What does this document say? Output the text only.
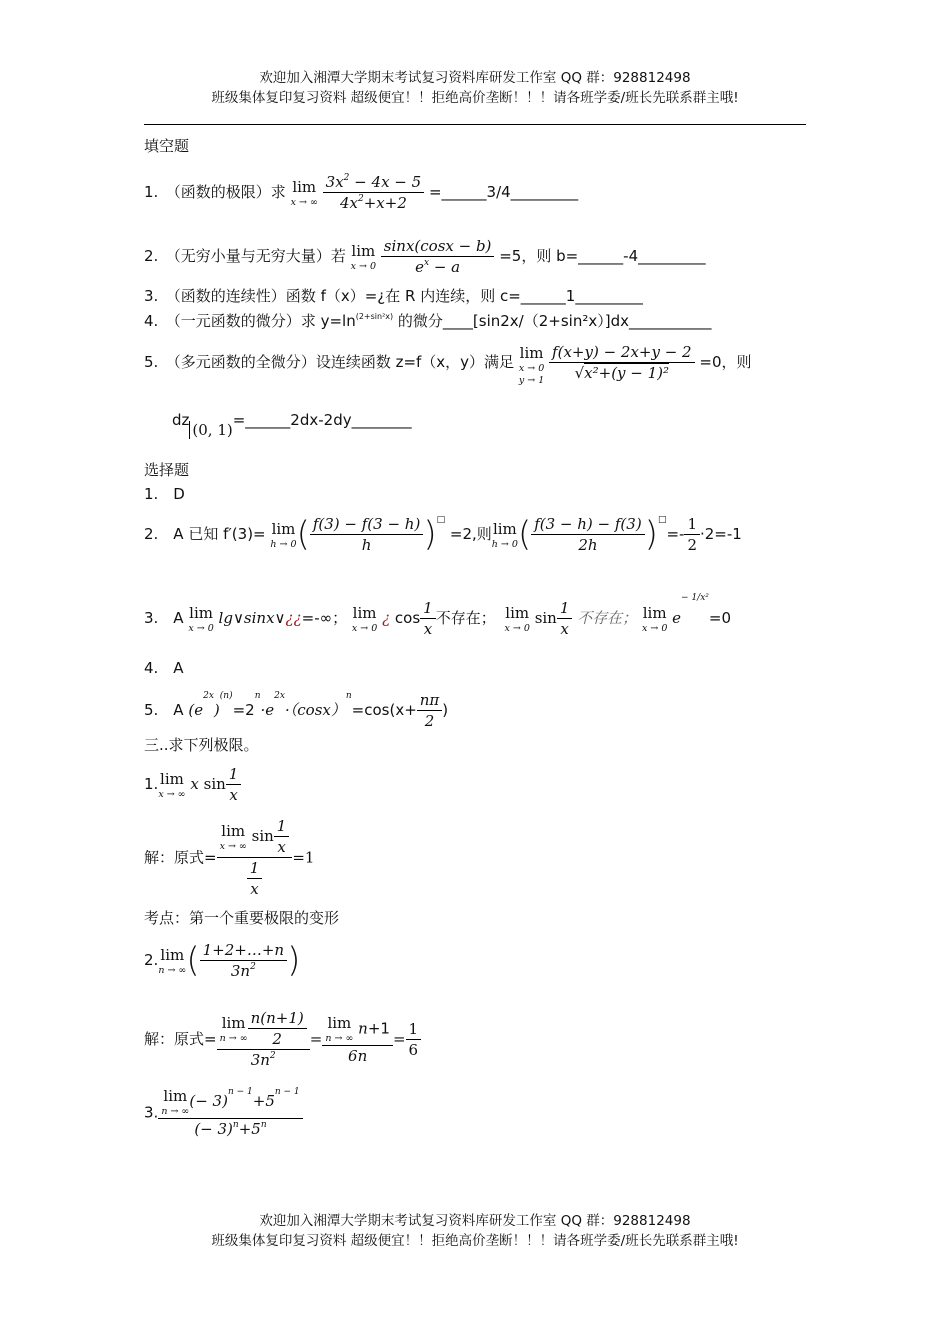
欢迎加入湘潭大学期末考试复习资料库研发工作室 QQ 群：928812498
班级集体复印复习资料 超级便宜！！拒绝高价垄断！！！请各班学委/班长先联系群主哦!
填空题
1.　（函数的极限）求 lim
x → ∞
$\frac{3x^2 - 4x - 5}{4x^2+x+2}$ =______3/4_________
2.　（无穷小量与无穷大量）若 lim
x → 0
$\frac{\sin x(\cos x - b)}{e^x - a} =5$，则 b=______-4_________
3.　（函数的连续性）函数 f（x）=¿在 R 内连续，则 c=______1_________
4.　（一元函数的微分）求 $y=\ln^{(2+sin^2x)}$ 的微分____[sin2x/（2+sin²x）]dx___________
5.　（多元函数的全微分）设连续函数 z=f（x，y）满足 lim
x → 0
y → 1
$\frac{f(x+y) - 2x+y - 2}{\text{√x²+(y − 1)²}} =0$，则
dz(0, 1)=______2dx-2dy________
选择题
1.　D
2.　A 已知 f′(3)= lim
h → 0 ( $\frac{f(3) - f(3 - h)}{h} )^□ =2$,则lim
h → 0 ( $\frac{f(3 - h) - f(3)}{2h} )^□=- \frac{1}{2} \cdot 2=-1$
3.　A lim
x → 0
lg∨sinx∨¿¿=-∞； lim
x → 0
¿ $\cos \frac{1}{x}$ 不存在； lim
x → 0
$\sin \frac{1}{x}$ 不存在； lim
x → 0
$e^{- 1/x^2}=0$
4.　A
5.　A $(e^{2x})^{(n)}=2^n\cdot e^{2x}\cdot(\cos x)^n=\cos(x+ \frac{n\pi}{2}$ )
三..求下列极限。
1. lim
x → ∞
x $\sin \frac{1}{x}$
解：原式= lim
x → ∞
$\sin \frac{1}{x}$
$\frac{1}{x} =1$
考点：第一个重要极限的变形
2. lim
n → ∞ ( $\frac{1+2+\dots+n}{3n^2}$ )
解：原式= lim
n → ∞ $\frac{n(n+1)}{2}$
$3n^2 = \lim$
n → ∞
n+1
$6n = \frac{1}{6}$
3. lim
n → ∞
(− $3)^{n - 1}+5^{n - 1}$
(− $3)^n+5^n$
欢迎加入湘潭大学期末考试复习资料库研发工作室 QQ 群：928812498
班级集体复印复习资料 超级便宜！！拒绝高价垄断！！！请各班学委/班长先联系群主哦!
